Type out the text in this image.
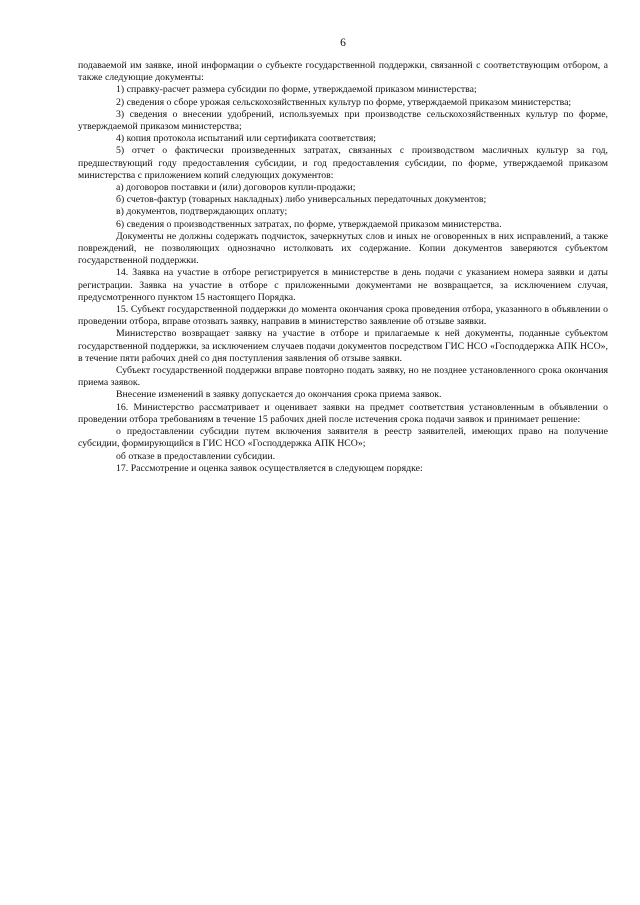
6

подаваемой им заявке, иной информации о субъекте государственной поддержки, связанной с соответствующим отбором, а также следующие документы:

1) справку-расчет размера субсидии по форме, утверждаемой приказом министерства;

2) сведения о сборе урожая сельскохозяйственных культур по форме, утверждаемой приказом министерства;

3) сведения о внесении удобрений, используемых при производстве сельскохозяйственных культур по форме, утверждаемой приказом министерства;

4) копия протокола испытаний или сертификата соответствия;

5) отчет о фактически произведенных затратах, связанных с производством масличных культур за год, предшествующий году предоставления субсидии, и год предоставления субсидии, по форме, утверждаемой приказом министерства с приложением копий следующих документов:

а) договоров поставки и (или) договоров купли-продажи;

б) счетов-фактур (товарных накладных) либо универсальных передаточных документов;

в) документов, подтверждающих оплату;

6) сведения о производственных затратах, по форме, утверждаемой приказом министерства.

Документы не должны содержать подчисток, зачеркнутых слов и иных не оговоренных в них исправлений, а также повреждений, не позволяющих однозначно истолковать их содержание. Копии документов заверяются субъектом государственной поддержки.

14. Заявка на участие в отборе регистрируется в министерстве в день подачи с указанием номера заявки и даты регистрации. Заявка на участие в отборе с приложенными документами не возвращается, за исключением случая, предусмотренного пунктом 15 настоящего Порядка.

15. Субъект государственной поддержки до момента окончания срока проведения отбора, указанного в объявлении о проведении отбора, вправе отозвать заявку, направив в министерство заявление об отзыве заявки.

Министерство возвращает заявку на участие в отборе и прилагаемые к ней документы, поданные субъектом государственной поддержки, за исключением случаев подачи документов посредством ГИС НСО «Господдержка АПК НСО», в течение пяти рабочих дней со дня поступления заявления об отзыве заявки.

Субъект государственной поддержки вправе повторно подать заявку, но не позднее установленного срока окончания приема заявок.

Внесение изменений в заявку допускается до окончания срока приема заявок.

16. Министерство рассматривает и оценивает заявки на предмет соответствия установленным в объявлении о проведении отбора требованиям в течение 15 рабочих дней после истечения срока подачи заявок и принимает решение:

о предоставлении субсидии путем включения заявителя в реестр заявителей, имеющих право на получение субсидии, формирующийся в ГИС НСО «Господдержка АПК НСО»;

об отказе в предоставлении субсидии.

17. Рассмотрение и оценка заявок осуществляется в следующем порядке:
